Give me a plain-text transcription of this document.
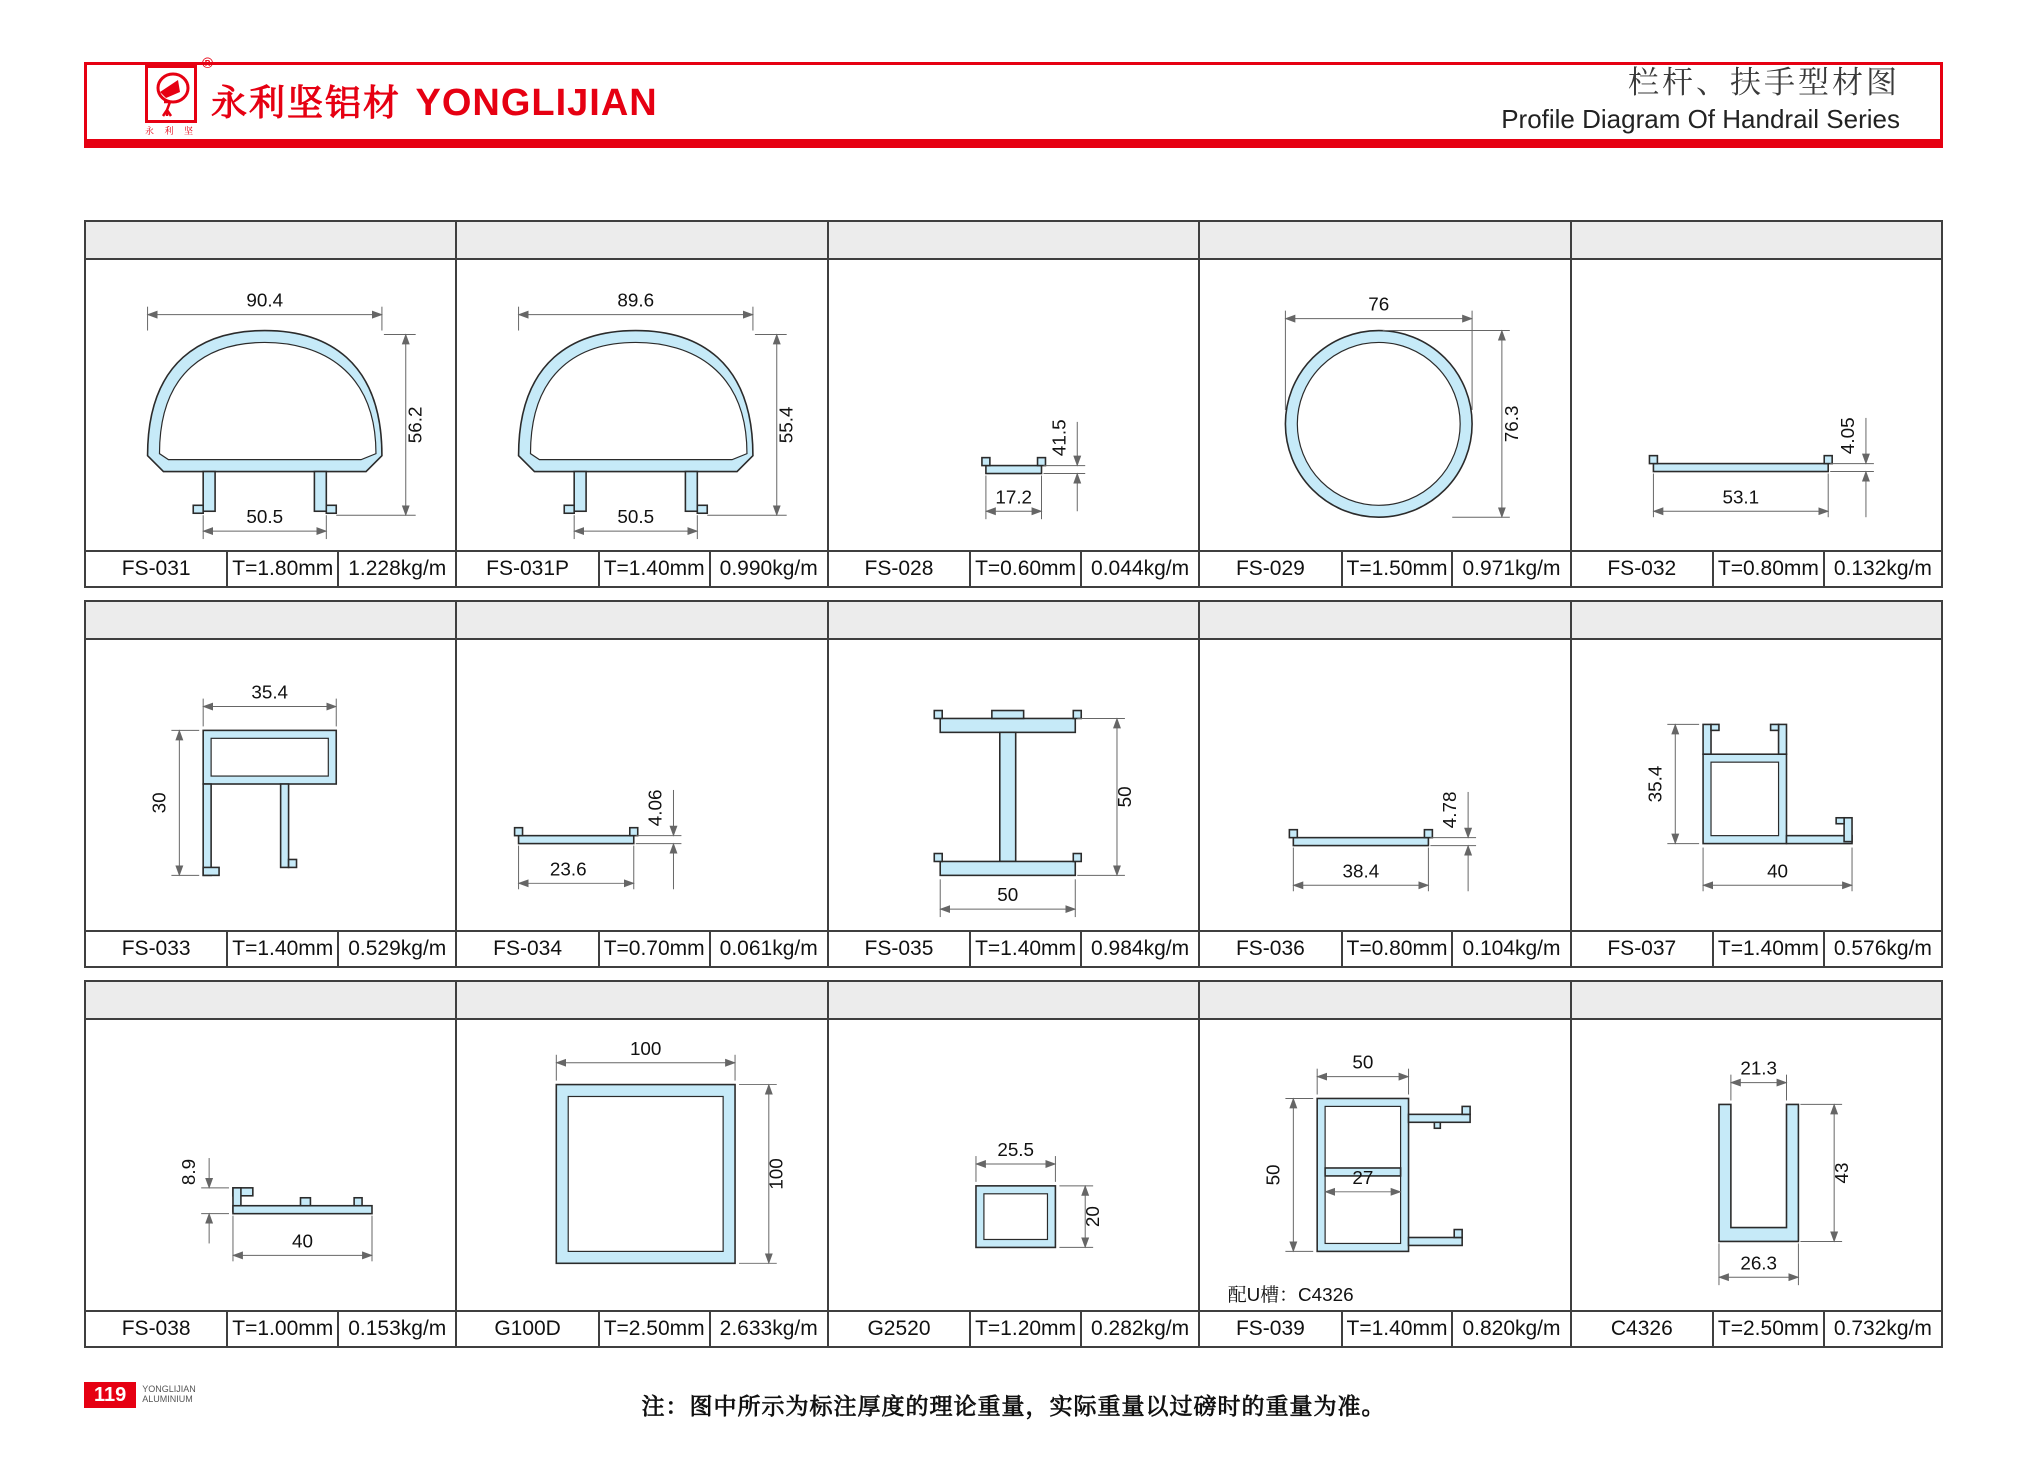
®
永 利 坚
永利坚铝材 YONGLIJIAN	栏杆、扶手型材图
Profile Diagram Of Handrail Series
90.4
56.2
50.5
FS-031	T=1.80mm 1.228kg/m
89.6
55.4
50.5
FS-031P	T=1.40mm 0.990kg/m
17.2
41.5
FS-028	T=0.60mm 0.044kg/m
76
76.3
FS-029	T=1.50mm 0.971kg/m
53.1
4.05
FS-032	T=0.80mm 0.132kg/m
35.4
30
FS-033	T=1.40mm 0.529kg/m
23.6
4.06
FS-034	T=0.70mm 0.061kg/m
50
50
FS-035	T=1.40mm 0.984kg/m
38.4
4.78
FS-036	T=0.80mm 0.104kg/m
35.4
40
FS-037	T=1.40mm 0.576kg/m
8.9
40
FS-038	T=1.00mm 0.153kg/m
100
100
G100D	T=2.50mm 2.633kg/m
25.5
20
G2520	T=1.20mm 0.282kg/m
50
27
50
配U槽：C4326
FS-039	T=1.40mm 0.820kg/m
21.3
43
26.3
C4326	T=2.50mm 0.732kg/m
119	YONGLIJIAN
ALUMINIUM	注：图中所示为标注厚度的理论重量，实际重量以过磅时的重量为准。
